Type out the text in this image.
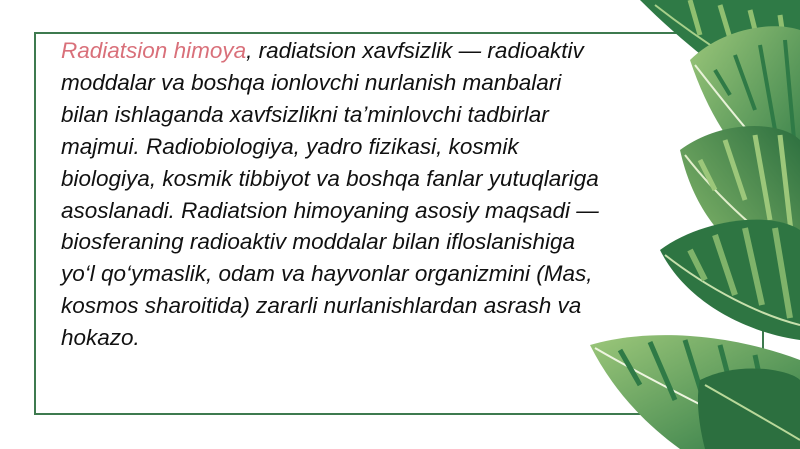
Radiatsion himoya, radiatsion xavfsizlik — radioaktiv moddalar va boshqa ionlovchi nurlanish manbalari bilan ishlaganda xavfsizlikni ta’minlovchi tadbirlar majmui. Radiobiologiya, yadro fizikasi, kosmik biologiya, kosmik tibbiyot va boshqa fanlar yutuqlariga asoslanadi. Radiatsion himoyaning asosiy maqsadi — biosferaning radioaktiv moddalar bilan ifloslanishiga yo‘l qo‘ymaslik, odam va hayvonlar organizmini (Mas, kosmos sharoitida) zararli nurlanishlardan asrash va hokazo.
